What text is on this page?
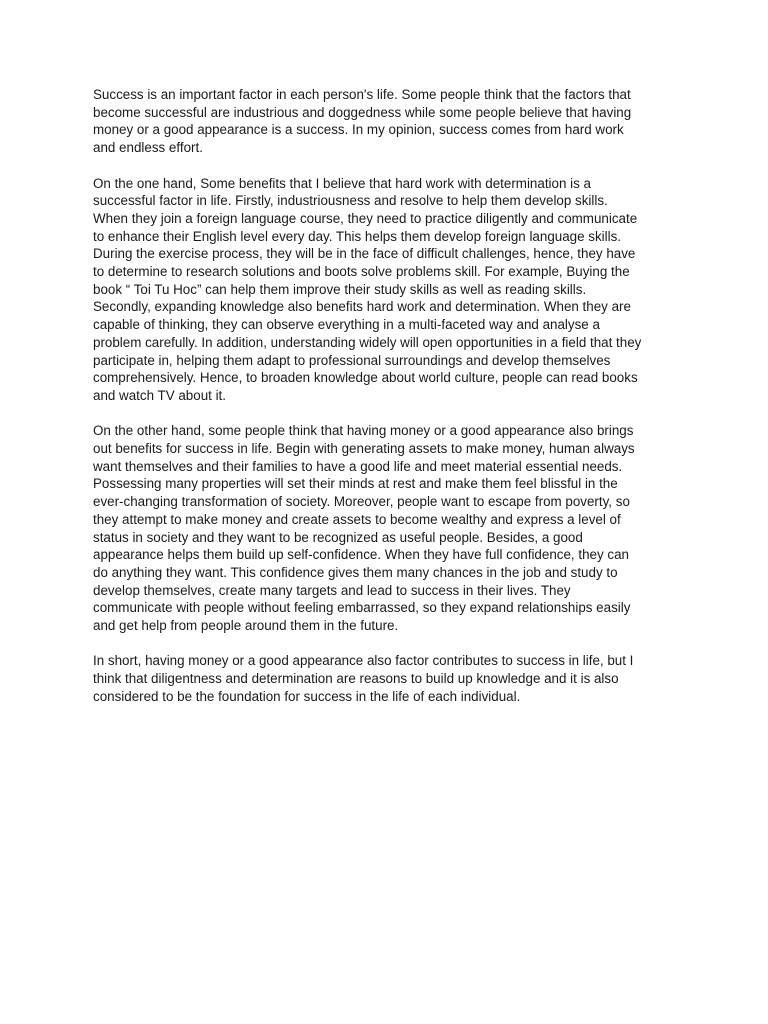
Success is an important factor in each person's life. Some people think that the factors that
become successful are industrious and doggedness while some people believe that having
money or a good appearance is a success. In my opinion, success comes from hard work
and endless effort.

On the one hand, Some benefits that I believe that hard work with determination is a
successful factor in life. Firstly, industriousness and resolve to help them develop skills.
When they join a foreign language course, they need to practice diligently and communicate
to enhance their English level every day. This helps them develop foreign language skills.
During the exercise process, they will be in the face of difficult challenges, hence, they have
to determine to research solutions and boots solve problems skill. For example, Buying the
book “ Toi Tu Hoc” can help them improve their study skills as well as reading skills.
Secondly, expanding knowledge also benefits hard work and determination. When they are
capable of thinking, they can observe everything in a multi-faceted way and analyse a
problem carefully. In addition, understanding widely will open opportunities in a field that they
participate in, helping them adapt to professional surroundings and develop themselves
comprehensively. Hence, to broaden knowledge about world culture, people can read books
and watch TV about it.

On the other hand, some people think that having money or a good appearance also brings
out benefits for success in life. Begin with generating assets to make money, human always
want themselves and their families to have a good life and meet material essential needs.
Possessing many properties will set their minds at rest and make them feel blissful in the
ever-changing transformation of society. Moreover, people want to escape from poverty, so
they attempt to make money and create assets to become wealthy and express a level of
status in society and they want to be recognized as useful people. Besides, a good
appearance helps them build up self-confidence. When they have full confidence, they can
do anything they want. This confidence gives them many chances in the job and study to
develop themselves, create many targets and lead to success in their lives. They
communicate with people without feeling embarrassed, so they expand relationships easily
and get help from people around them in the future.

In short, having money or a good appearance also factor contributes to success in life, but I
think that diligentness and determination are reasons to build up knowledge and it is also
considered to be the foundation for success in the life of each individual.
